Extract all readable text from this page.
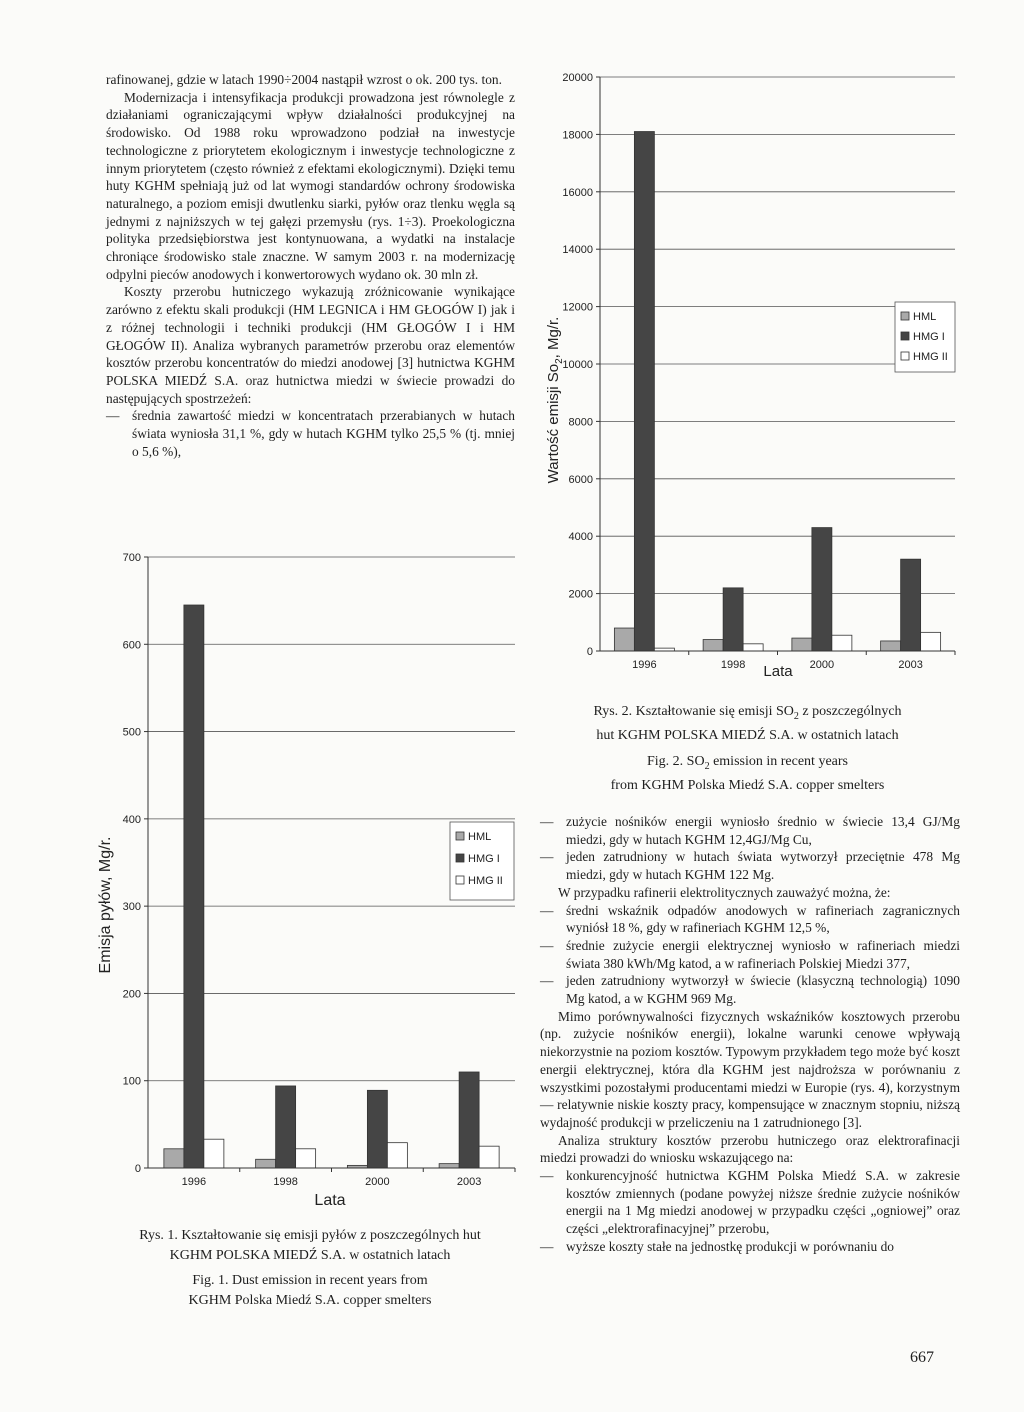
rafinowanej, gdzie w latach 1990÷2004 nastąpił wzrost o ok. 200 tys. ton.

Modernizacja i intensyfikacja produkcji prowadzona jest równolegle z działaniami ograniczającymi wpływ działalności produkcyjnej na środowisko. Od 1988 roku wprowadzono podział na inwestycje technologiczne z priorytetem ekologicznym i inwestycje technologiczne z innym priorytetem (często również z efektami ekologicznymi). Dzięki temu huty KGHM spełniają już od lat wymogi standardów ochrony środowiska naturalnego, a poziom emisji dwutlenku siarki, pyłów oraz tlenku węgla są jednymi z najniższych w tej gałęzi przemysłu (rys. 1÷3). Proekologiczna polityka przedsiębiorstwa jest kontynuowana, a wydatki na instalacje chroniące środowisko stale znaczne. W samym 2003 r. na modernizację odpylni pieców anodowych i konwertorowych wydano ok. 30 mln zł.

Koszty przerobu hutniczego wykazują zróżnicowanie wynikające zarówno z efektu skali produkcji (HM LEGNICA i HM GŁOGÓW I) jak i z różnej technologii i techniki produkcji (HM GŁOGÓW I i HM GŁOGÓW II). Analiza wybranych parametrów przerobu oraz elementów kosztów przerobu koncentratów do miedzi anodowej [3] hutnictwa KGHM POLSKA MIEDŹ S.A. oraz hutnictwa miedzi w świecie prowadzi do następujących spostrzeżeń:

— średnia zawartość miedzi w koncentratach przerabianych w hutach świata wyniosła 31,1 %, gdy w hutach KGHM tylko 25,5 % (tj. mniej o 5,6 %),

0
2000
4000
6000
8000
10000
12000
14000
16000
18000
20000
1996	1998	2000	2003
Lata
Wartość emisji $So_2$, Mg/r.	HML
HMG I
HMG II

Rys. 2. Kształtowanie się emisji $SO_2$ z poszczególnych
hut KGHM POLSKA MIEDŹ S.A. w ostatnich latach

Fig. 2. $SO_2$ emission in recent years
from KGHM Polska Miedź S.A. copper smelters

0
100
200
300
400
500
600
700
1996	1998	2000	2003
Lata
Emisja pyłów, Mg/r.	HML
HMG I
HMG II

Rys. 1. Kształtowanie się emisji pyłów z poszczególnych hut
KGHM POLSKA MIEDŹ S.A. w ostatnich latach

Fig. 1. Dust emission in recent years from
KGHM Polska Miedź S.A. copper smelters

— zużycie nośników energii wyniosło średnio w świecie 13,4 GJ/Mg miedzi, gdy w hutach KGHM 12,4GJ/Mg Cu,

— jeden zatrudniony w hutach świata wytworzył przeciętnie 478 Mg miedzi, gdy w hutach KGHM 122 Mg.

W przypadku rafinerii elektrolitycznych zauważyć można, że:

— średni wskaźnik odpadów anodowych w rafineriach zagranicznych wyniósł 18 %, gdy w rafineriach KGHM 12,5 %,

— średnie zużycie energii elektrycznej wyniosło w rafineriach miedzi świata 380 kWh/Mg katod, a w rafineriach Polskiej Miedzi 377,

— jeden zatrudniony wytworzył w świecie (klasyczną technologią) 1090 Mg katod, a w KGHM 969 Mg.

Mimo porównywalności fizycznych wskaźników kosztowych przerobu (np. zużycie nośników energii), lokalne warunki cenowe wpływają niekorzystnie na poziom kosztów. Typowym przykładem tego może być koszt energii elektrycznej, która dla KGHM jest najdroższa w porównaniu z wszystkimi pozostałymi producentami miedzi w Europie (rys. 4), korzystnym — relatywnie niskie koszty pracy, kompensujące w znacznym stopniu, niższą wydajność produkcji w przeliczeniu na 1 zatrudnionego [3].

Analiza struktury kosztów przerobu hutniczego oraz elektrorafinacji miedzi prowadzi do wniosku wskazującego na:

— konkurencyjność hutnictwa KGHM Polska Miedź S.A. w zakresie kosztów zmiennych (podane powyżej niższe średnie zużycie nośników energii na 1 Mg miedzi anodowej w przypadku części „ogniowej” oraz części „elektrorafinacyjnej” przerobu,

— wyższe koszty stałe na jednostkę produkcji w porównaniu do

667
